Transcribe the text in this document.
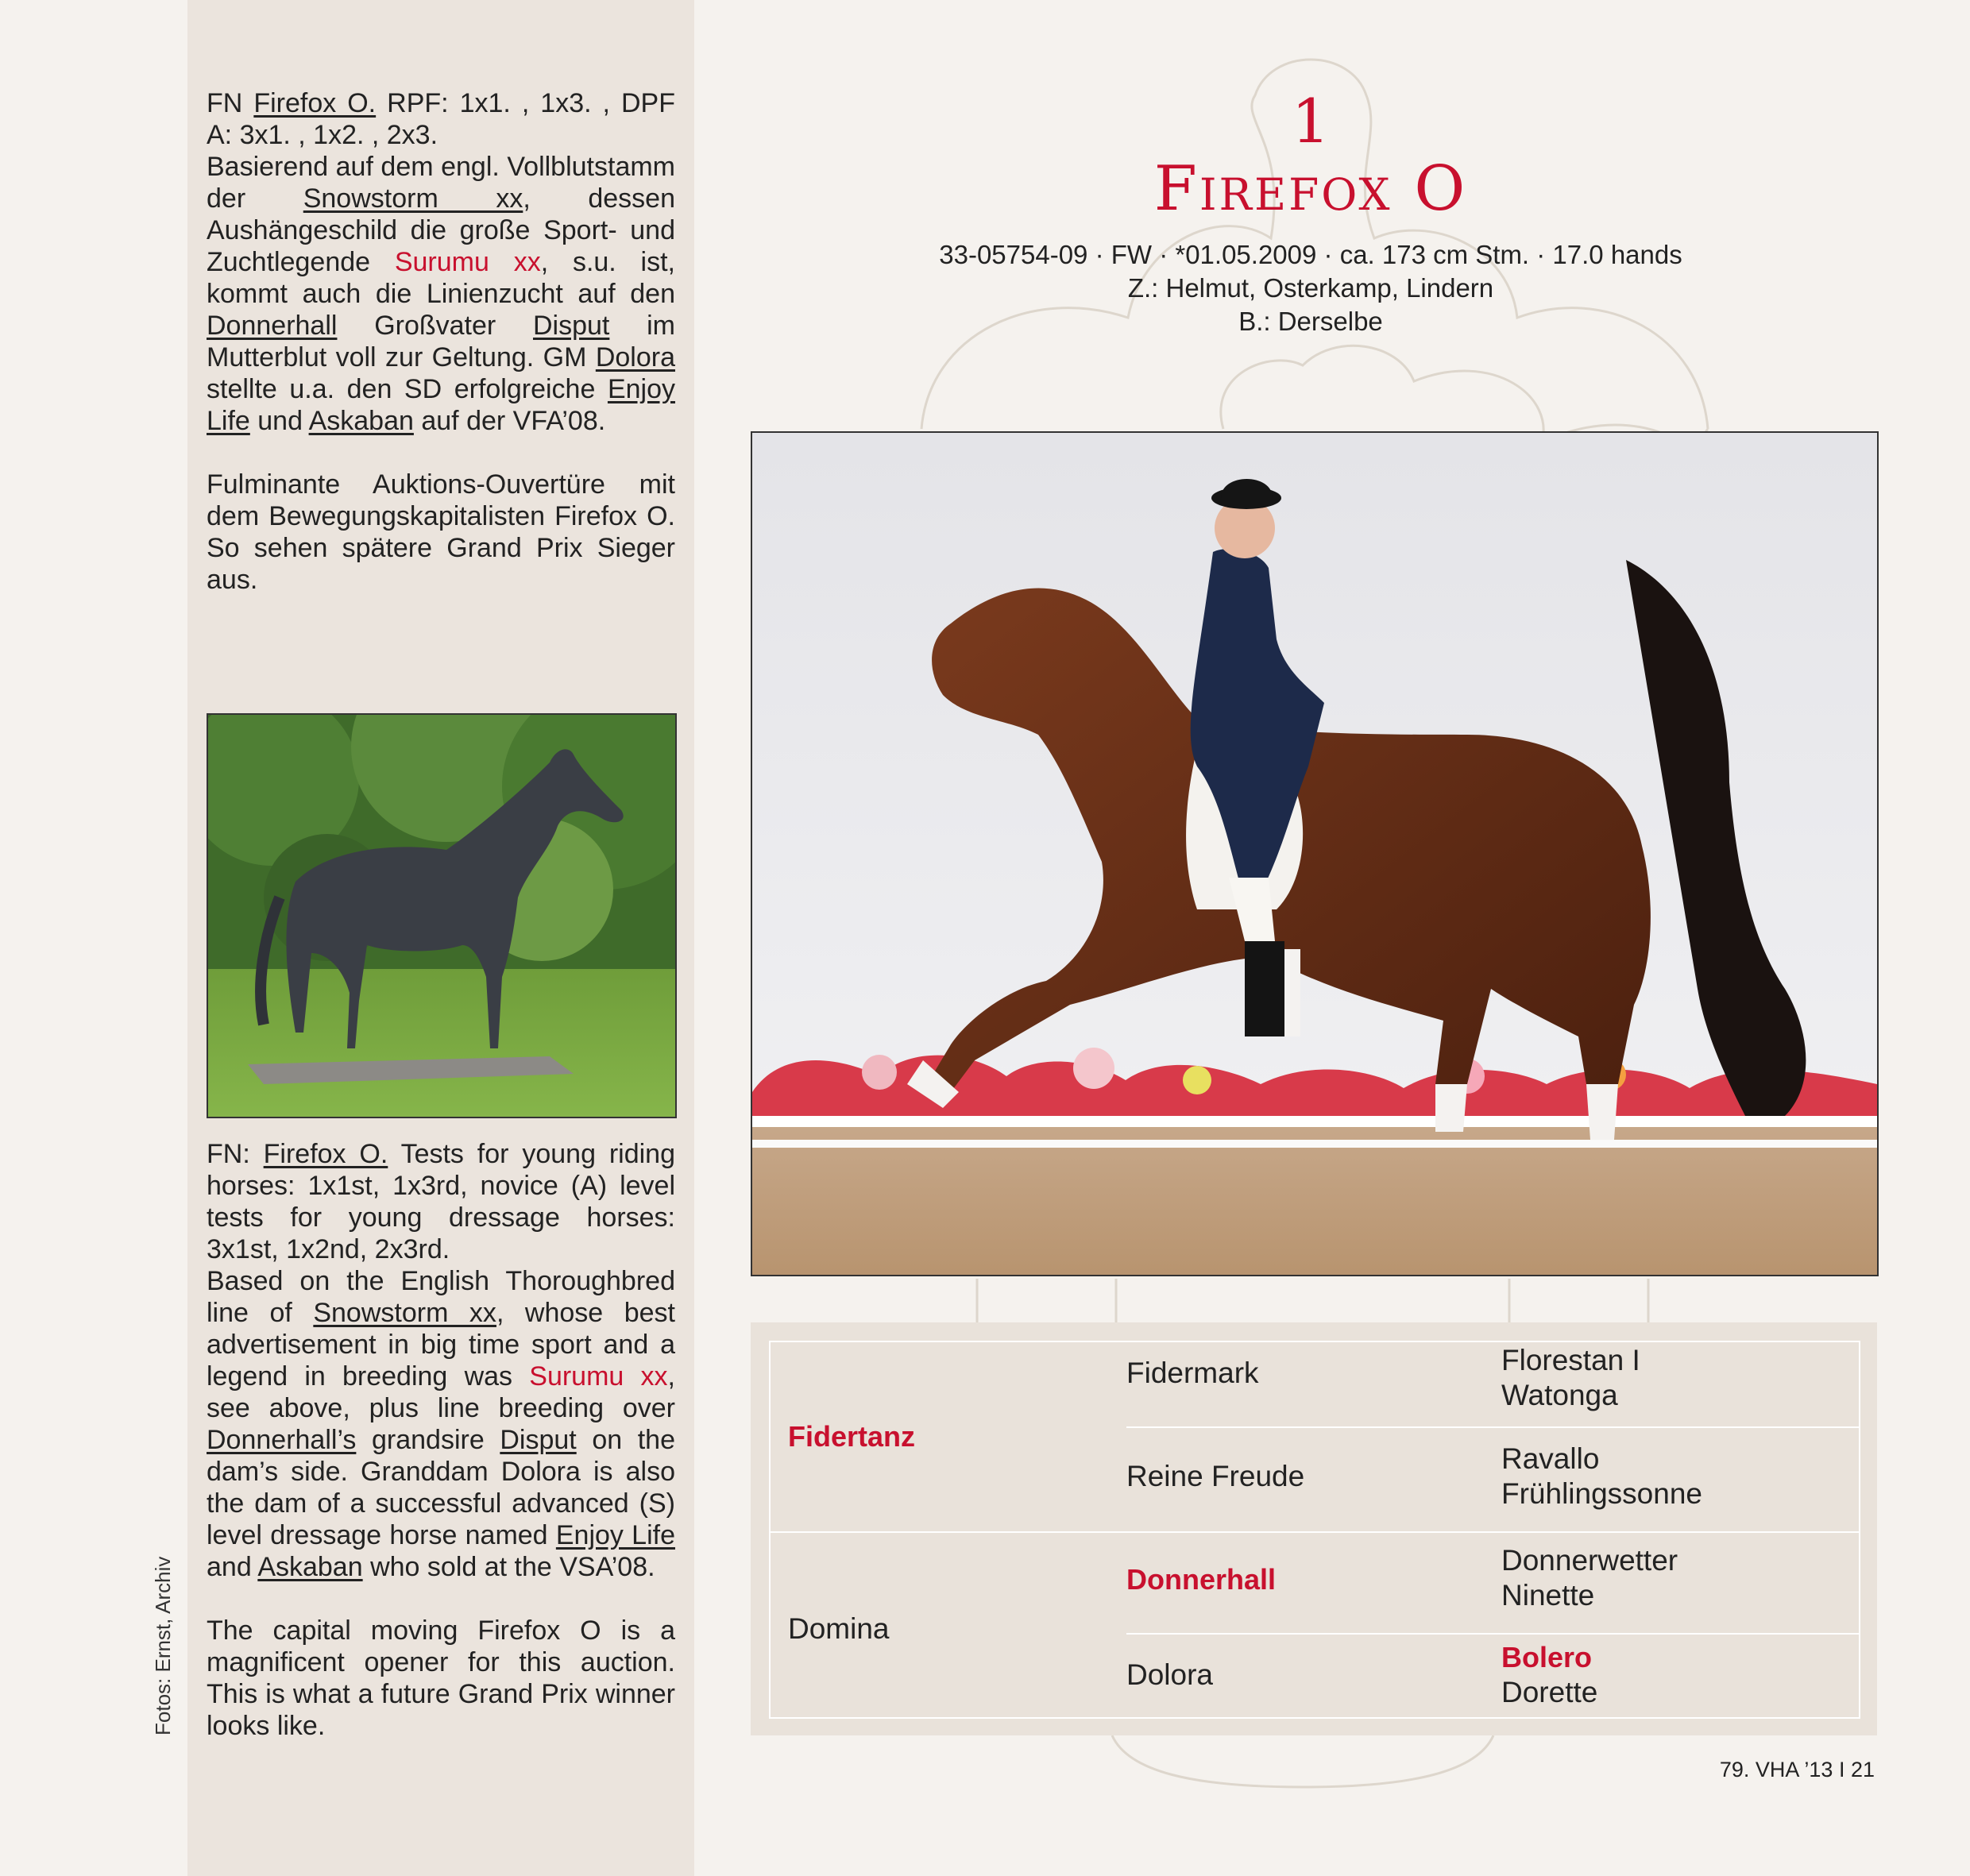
FN Firefox O. RPF: 1x1. , 1x3. , DPF A: 3x1. , 1x2. , 2x3.

Basierend auf dem engl. Vollblutstamm der Snowstorm xx, dessen Aushängeschild die große Sport- und Zuchtlegende Surumu xx, s.u. ist, kommt auch die Linienzucht auf den Donnerhall Großvater Disput im Mutterblut voll zur Geltung. GM Dolora stellte u.a. den SD erfolgreiche Enjoy Life und Askaban auf der VFA’08.

Fulminante Auktions-Ouvertüre mit dem Bewegungskapitalisten Firefox O. So sehen spätere Grand Prix Sieger aus.

FN: Firefox O. Tests for young riding horses: 1x1st, 1x3rd, novice (A) level tests for young dressage horses: 3x1st, 1x2nd, 2x3rd.

Based on the English Thoroughbred line of Snowstorm xx, whose best advertisement in big time sport and a legend in breeding was Surumu xx, see above, plus line breeding over Donnerhall’s grandsire Disput on the dam’s side. Granddam Dolora is also the dam of a successful advanced (S) level dressage horse named Enjoy Life and Askaban who sold at the VSA’08.

The capital moving Firefox O is a magnificent opener for this auction. This is what a future Grand Prix winner looks like.

Fotos: Ernst, Archiv
1
Firefox O
33-05754-09 · FW · *01.05.2009 · ca. 173 cm Stm. · 17.0 hands
Z.: Helmut, Osterkamp, Lindern
B.: Derselbe
Fidertanz
Domina
Fidermark
Reine Freude
Donnerhall
Dolora
Florestan I
Watonga
Ravallo
Frühlingssonne
Donnerwetter
Ninette
Bolero
Dorette
79. VHA ’13 I 21
